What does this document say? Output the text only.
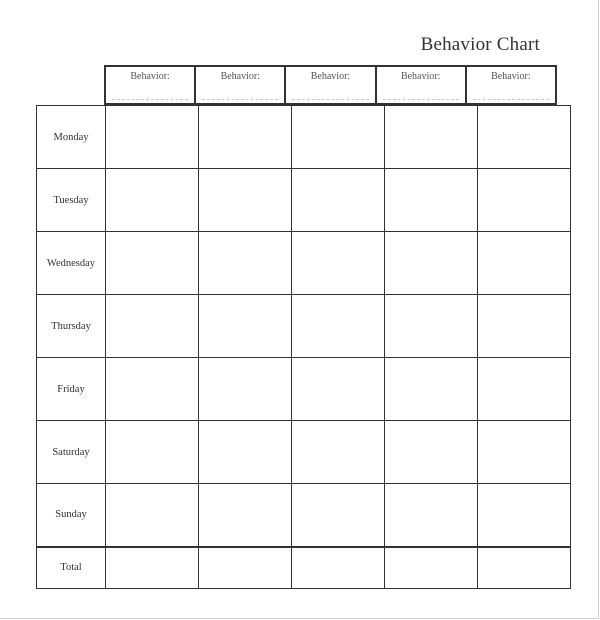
Behavior Chart
Behavior:	Behavior:	Behavior:	Behavior:	Behavior:
Monday					
Tuesday					
Wednesday					
Thursday					
Friday					
Saturday					
Sunday					
Total					
